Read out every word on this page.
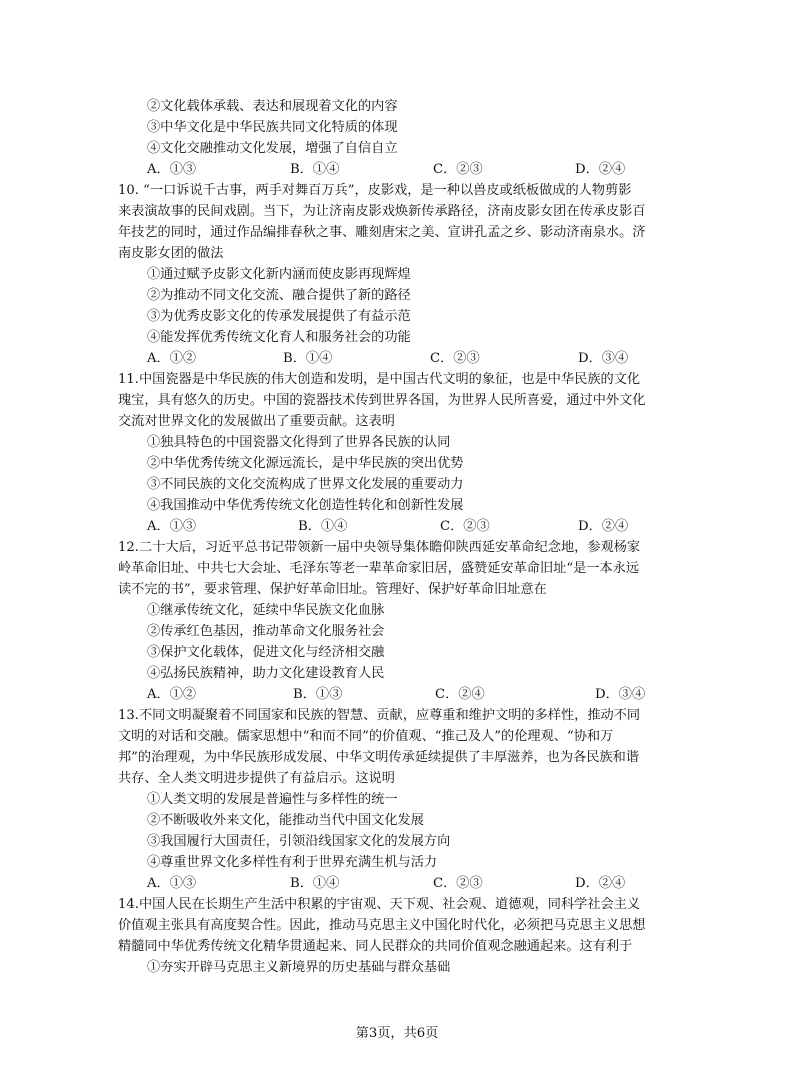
②文化载体承载、表达和展现着文化的内容
③中华文化是中华民族共同文化特质的体现
④文化交融推动文化发展，增强了自信自立
A．①③	B．①④	C．②③	D．②④
10. “一口诉说千古事，两手对舞百万兵”，皮影戏，是一种以兽皮或纸板做成的人物剪影
来表演故事的民间戏剧。当下，为让济南皮影戏焕新传承路径，济南皮影女团在传承皮影百
年技艺的同时，通过作品编排春秋之事、雕刻唐宋之美、宣讲孔孟之乡、影动济南泉水。济
南皮影女团的做法
①通过赋予皮影文化新内涵而使皮影再现辉煌
②为推动不同文化交流、融合提供了新的路径
③为优秀皮影文化的传承发展提供了有益示范
④能发挥优秀传统文化育人和服务社会的功能
A．①②	B．①④	C．②③	D．③④
11.中国瓷器是中华民族的伟大创造和发明，是中国古代文明的象征，也是中华民族的文化
瑰宝，具有悠久的历史。中国的瓷器技术传到世界各国，为世界人民所喜爱，通过中外文化
交流对世界文化的发展做出了重要贡献。这表明
①独具特色的中国瓷器文化得到了世界各民族的认同
②中华优秀传统文化源远流长，是中华民族的突出优势
③不同民族的文化交流构成了世界文化发展的重要动力
④我国推动中华优秀传统文化创造性转化和创新性发展
A．①③	B．①④	C．②③	D．②④
12.二十大后，习近平总书记带领新一届中央领导集体瞻仰陕西延安革命纪念地，参观杨家
岭革命旧址、中共七大会址、毛泽东等老一辈革命家旧居，盛赞延安革命旧址“是一本永远
读不完的书”，要求管理、保护好革命旧址。管理好、保护好革命旧址意在
①继承传统文化，延续中华民族文化血脉
②传承红色基因，推动革命文化服务社会
③保护文化载体，促进文化与经济相交融
④弘扬民族精神，助力文化建设教育人民
A．①②	B．①③	C．②④	D．③④
13.不同文明凝聚着不同国家和民族的智慧、贡献，应尊重和维护文明的多样性，推动不同
文明的对话和交融。儒家思想中“和而不同”的价值观、“推己及人”的伦理观、“协和万
邦”的治理观，为中华民族形成发展、中华文明传承延续提供了丰厚滋养，也为各民族和谐
共存、全人类文明进步提供了有益启示。这说明
①人类文明的发展是普遍性与多样性的统一
②不断吸收外来文化，能推动当代中国文化发展
③我国履行大国责任，引领沿线国家文化的发展方向
④尊重世界文化多样性有利于世界充满生机与活力
A．①③	B．①④	C．②③	D．②④
14.中国人民在长期生产生活中积累的宇宙观、天下观、社会观、道德观，同科学社会主义
价值观主张具有高度契合性。因此，推动马克思主义中国化时代化，必须把马克思主义思想
精髓同中华优秀传统文化精华贯通起来、同人民群众的共同价值观念融通起来。这有利于
①夯实开辟马克思主义新境界的历史基础与群众基础
第3页，共6页
